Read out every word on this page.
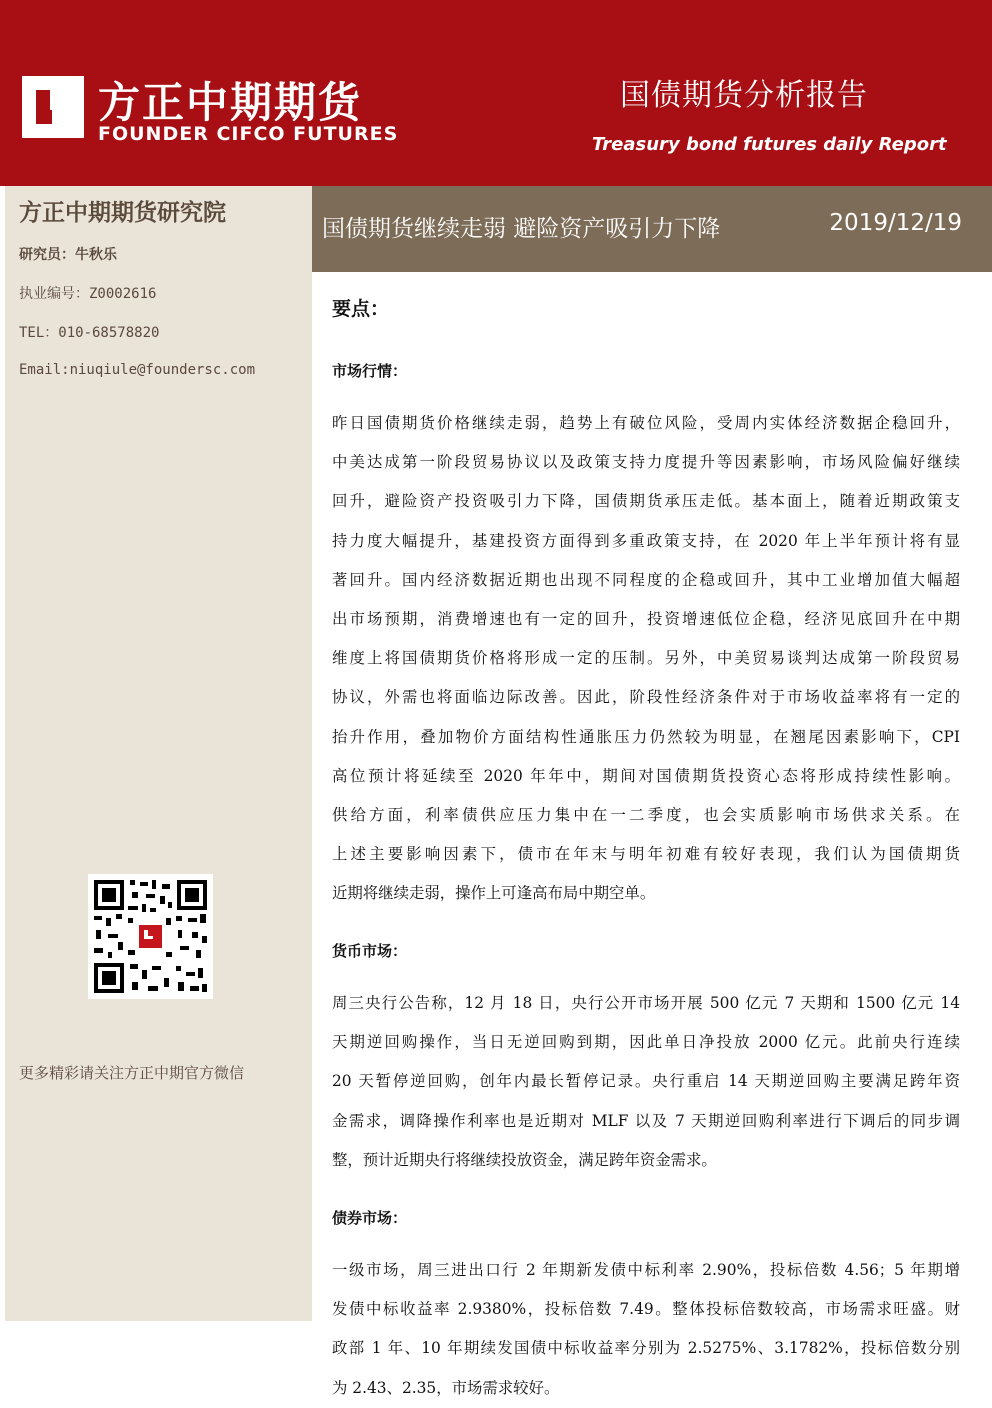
方正中期期货
FOUNDER CIFCO FUTURES
国债期货分析报告
Treasury bond futures daily Report
方正中期期货研究院
研究员：牛秋乐
执业编号：Z0002616
TEL：010-68578820
Email:niuqiule@foundersc.com
更多精彩请关注方正中期官方微信
国债期货继续走弱 避险资产吸引力下降	2019/12/19
要点：
市场行情：
昨日国债期货价格继续走弱，趋势上有破位风险，受周内实体经济数据企稳回升，
中美达成第一阶段贸易协议以及政策支持力度提升等因素影响，市场风险偏好继续
回升，避险资产投资吸引力下降，国债期货承压走低。基本面上，随着近期政策支
持力度大幅提升，基建投资方面得到多重政策支持，在 2020 年上半年预计将有显
著回升。国内经济数据近期也出现不同程度的企稳或回升，其中工业增加值大幅超
出市场预期，消费增速也有一定的回升，投资增速低位企稳，经济见底回升在中期
维度上将国债期货价格将形成一定的压制。另外，中美贸易谈判达成第一阶段贸易
协议，外需也将面临边际改善。因此，阶段性经济条件对于市场收益率将有一定的
抬升作用，叠加物价方面结构性通胀压力仍然较为明显，在翘尾因素影响下，CPI
高位预计将延续至 2020 年年中，期间对国债期货投资心态将形成持续性影响。
供给方面，利率债供应压力集中在一二季度，也会实质影响市场供求关系。在
上述主要影响因素下，债市在年末与明年初难有较好表现，我们认为国债期货
近期将继续走弱，操作上可逢高布局中期空单。
货币市场：
周三央行公告称，12 月 18 日，央行公开市场开展 500 亿元 7 天期和 1500 亿元 14
天期逆回购操作，当日无逆回购到期，因此单日净投放 2000 亿元。此前央行连续
20 天暂停逆回购，创年内最长暂停记录。央行重启 14 天期逆回购主要满足跨年资
金需求，调降操作利率也是近期对 MLF 以及 7 天期逆回购利率进行下调后的同步调
整，预计近期央行将继续投放资金，满足跨年资金需求。
债券市场：
一级市场，周三进出口行 2 年期新发债中标利率 2.90%，投标倍数 4.56；5 年期增
发债中标收益率 2.9380%，投标倍数 7.49。整体投标倍数较高，市场需求旺盛。财
政部 1 年、10 年期续发国债中标收益率分别为 2.5275%、3.1782%，投标倍数分别
为 2.43、2.35，市场需求较好。
